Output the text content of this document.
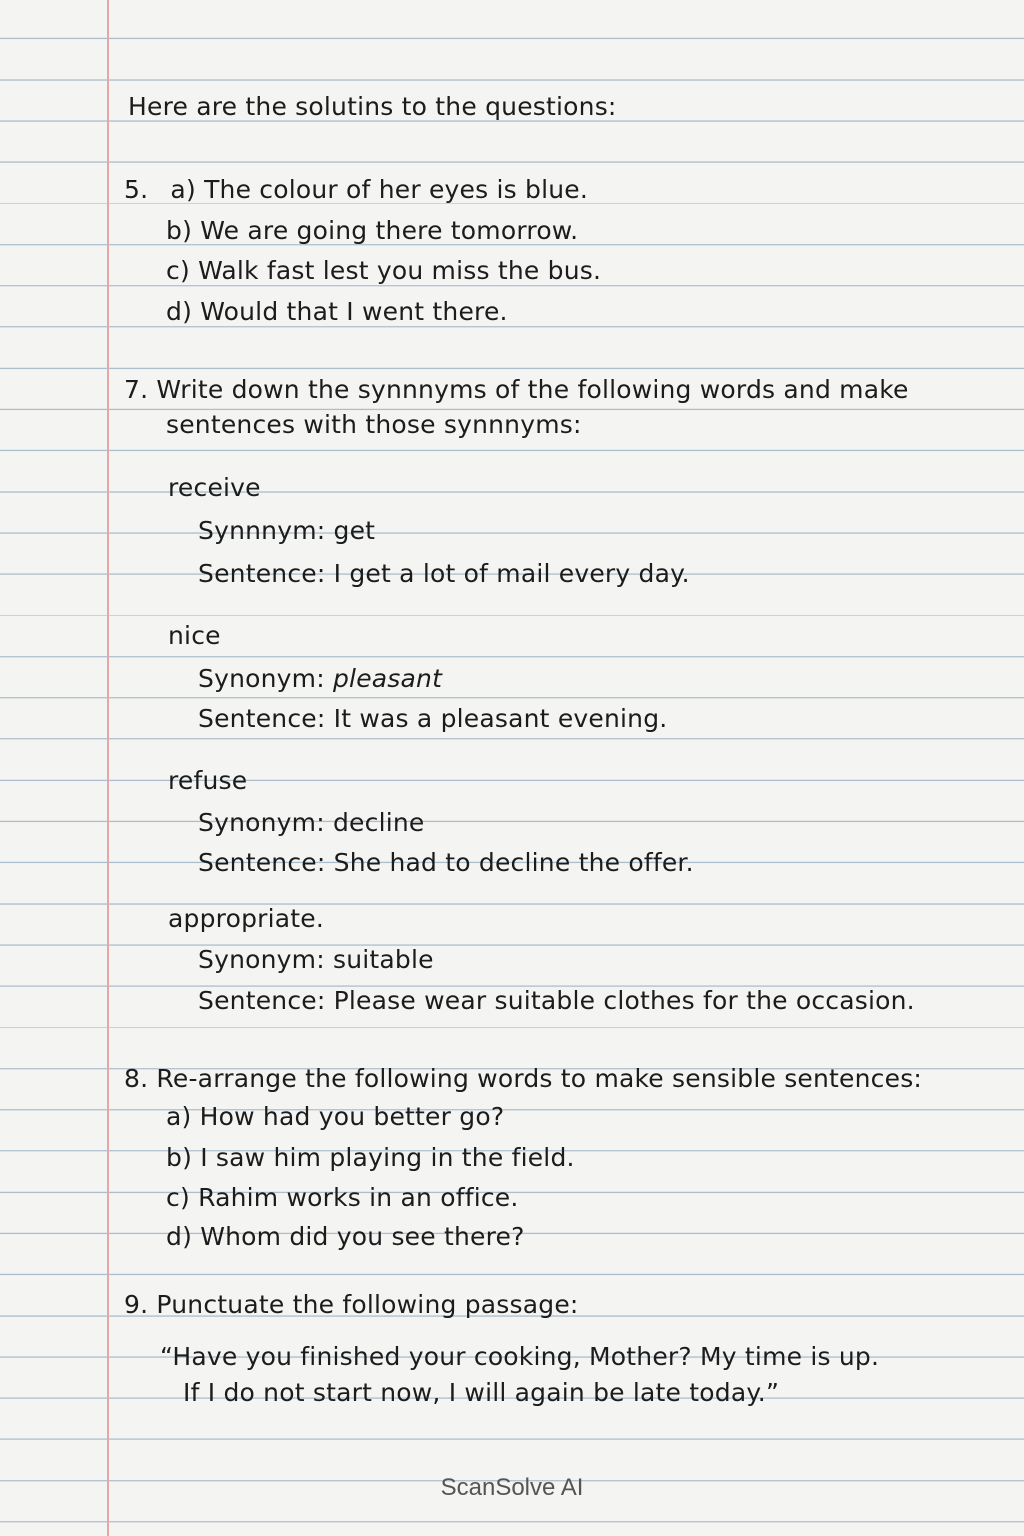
Here are the solutins to the questions:
5. a) The colour of her eyes is blue.
b) We are going there tomorrow.
c) Walk fast lest you miss the bus.
d) Would that I went there.
7. Write down the synnnyms of the following words and make
sentences with those synnnyms:
receive
Synnnym: get
Sentence: I get a lot of mail every day.
nice
Synonym: pleasant
Sentence: It was a pleasant evening.
refuse
Synonym: decline
Sentence: She had to decline the offer.
appropriate.
Synonym: suitable
Sentence: Please wear suitable clothes for the occasion.
8. Re-arrange the following words to make sensible sentences:
a) How had you better go?
b) I saw him playing in the field.
c) Rahim works in an office.
d) Whom did you see there?
9. Punctuate the following passage:
“Have you finished your cooking, Mother? My time is up.
If I do not start now, I will again be late today.”
ScanSolve AI
